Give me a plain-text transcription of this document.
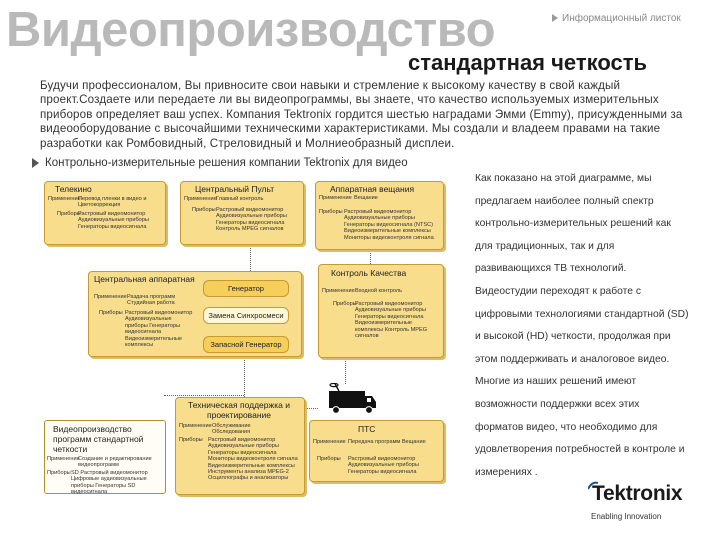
Видеопроизводство
стандартная четкость
Информационный листок
Будучи профессионалом, Вы привносите свои навыки и стремление к высокому качеству в свой каждый проект.Создаете или передаете ли вы видеопрограммы, вы знаете, что качество используемых измерительных приборов определяет ваш успех. Компания Tektronix гордится шестью наградами Эмми (Emmy), присужденными за видеооборудование с высочайшими техническими характеристиками. Мы создали и владеем правами на такие разработки как Ромбовидный, Стреловидный и Молниеобразный дисплеи.
Контрольно-измерительные решения компании Tektronix для видео
Телекино
Применение
Перевод пленки в видео и Цветокоррекция
Приборы
Растровый видеомонитор Аудиовизуальные приборы Генераторы видеосигнала
Центральный Пульт
Применение Главный контроль
Приборы Растровый видеомонитор Аудиовизуальные приборы Генераторы видеосигнала Контроль MPEG сигналов
Аппаратная вещания
Применение Вещание
Приборы Растровый видеомонитор Аудиовизуальные приборы Генераторы видеосигнала (NTSC) Видеоизмерительные комплексы Мониторы видеоконтроля сигнала
Центральная аппаратная
Применение Раздача программ Студийная работа
Приборы Растровый видеомонитор Аудиовизуальные приборы Генераторы видеосигнала Видеоизмерительные комплексы
Генератор
Замена Синхросмеси
Запасной Генератор
Контроль Качества
Применение Входной контроль
Приборы
Растровый видеомонитор Аудиовизуальные приборы Генераторы видеосигнала Видеоизмерительные комплексы Контроль MPEG сигналов
Техническая поддержка и проектирование
Применение Обслуживание Обследования
Приборы Растровый видеомонитор Аудиовизуальные приборы Генераторы видеосигнала Мониторы видеоконтроля сигнала Видеоизмерительные комплексы Инструменты анализа MPEG-2 Осциллографы и анализаторы
Видеопроизводство программ стандартной четкости
Применение
Создание и редактирование видеопрограмм
Приборы SD Растровый видеомонитор Цифровые аудиовизуальные приборы Генераторы SD видеосигнала
ПТС
Применение Передача программ Вещание
Приборы Растровый видеомонитор Аудиовизуальные приборы Генераторы видеосигнала
Как показано на этой диаграмме, мы предлагаем наиболее полный спектр контрольно-измерительных решений как для традиционных, так и для развивающихся ТВ технологий. Видеостудии переходят к работе с цифровыми технологиями стандартной (SD) и высокой (HD) четкости, продолжая при этом поддерживать и аналоговое видео. Многие из наших решений имеют возможности поддержки всех этих форматов видео, что необходимо для удовлетворения потребностей в контроле и измерениях .
Tektronix
Enabling Innovation
